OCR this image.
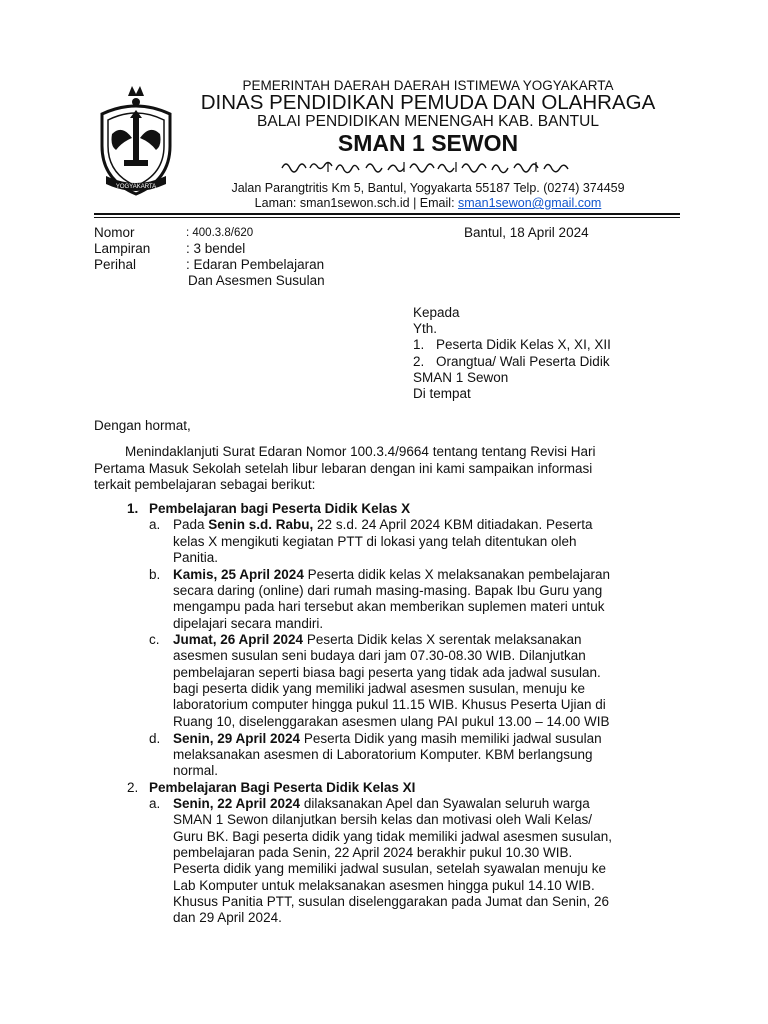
YOGYAKARTA
PEMERINTAH DAERAH DAERAH ISTIMEWA YOGYAKARTA
DINAS PENDIDIKAN PEMUDA DAN OLAHRAGA
BALAI PENDIDIKAN MENENGAH KAB. BANTUL
SMAN 1 SEWON
Jalan Parangtritis Km 5, Bantul, Yogyakarta 55187 Telp. (0274) 374459
Laman: sman1sewon.sch.id | Email: sman1sewon@gmail.com
Nomor	: 400.3.8/620
Lampiran	: 3 bendel
Perihal	: Edaran Pembelajaran
Dan Asesmen Susulan
Bantul, 18 April 2024
Kepada
Yth.
1. Peserta Didik Kelas X, XI, XII
2. Orangtua/ Wali Peserta Didik
SMAN 1 Sewon
Di tempat
Dengan hormat,
Menindaklanjuti Surat Edaran Nomor 100.3.4/9664 tentang tentang Revisi Hari
Pertama Masuk Sekolah setelah libur lebaran dengan ini kami sampaikan informasi
terkait pembelajaran sebagai berikut:
1. Pembelajaran bagi Peserta Didik Kelas X
a. Pada Senin s.d. Rabu, 22 s.d. 24 April 2024 KBM ditiadakan. Peserta
kelas X mengikuti kegiatan PTT di lokasi yang telah ditentukan oleh
Panitia.
b. Kamis, 25 April 2024 Peserta didik kelas X melaksanakan pembelajaran
secara daring (online) dari rumah masing-masing. Bapak Ibu Guru yang
mengampu pada hari tersebut akan memberikan suplemen materi untuk
dipelajari secara mandiri.
c. Jumat, 26 April 2024 Peserta Didik kelas X serentak melaksanakan
asesmen susulan seni budaya dari jam 07.30-08.30 WIB. Dilanjutkan
pembelajaran seperti biasa bagi peserta yang tidak ada jadwal susulan.
bagi peserta didik yang memiliki jadwal asesmen susulan, menuju ke
laboratorium computer hingga pukul 11.15 WIB. Khusus Peserta Ujian di
Ruang 10, diselenggarakan asesmen ulang PAI pukul 13.00 – 14.00 WIB
d. Senin, 29 April 2024 Peserta Didik yang masih memiliki jadwal susulan
melaksanakan asesmen di Laboratorium Komputer. KBM berlangsung
normal.
2. Pembelajaran Bagi Peserta Didik Kelas XI
a. Senin, 22 April 2024 dilaksanakan Apel dan Syawalan seluruh warga
SMAN 1 Sewon dilanjutkan bersih kelas dan motivasi oleh Wali Kelas/
Guru BK. Bagi peserta didik yang tidak memiliki jadwal asesmen susulan,
pembelajaran pada Senin, 22 April 2024 berakhir pukul 10.30 WIB.
Peserta didik yang memiliki jadwal susulan, setelah syawalan menuju ke
Lab Komputer untuk melaksanakan asesmen hingga pukul 14.10 WIB.
Khusus Panitia PTT, susulan diselenggarakan pada Jumat dan Senin, 26
dan 29 April 2024.
